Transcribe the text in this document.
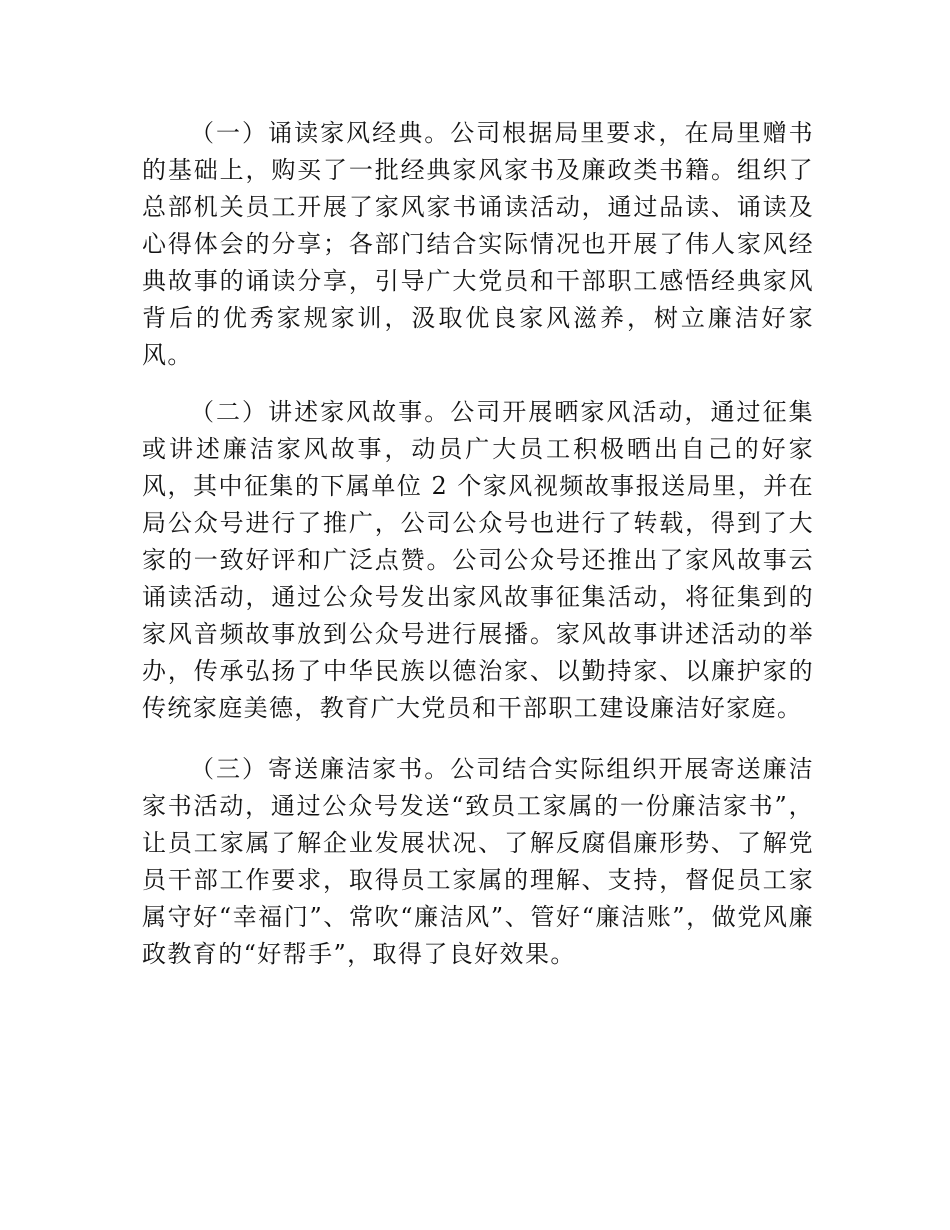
（一）诵读家风经典。公司根据局里要求，在局里赠书的基础上，购买了一批经典家风家书及廉政类书籍。组织了总部机关员工开展了家风家书诵读活动，通过品读、诵读及心得体会的分享；各部门结合实际情况也开展了伟人家风经典故事的诵读分享，引导广大党员和干部职工感悟经典家风背后的优秀家规家训，汲取优良家风滋养，树立廉洁好家风。

（二）讲述家风故事。公司开展晒家风活动，通过征集或讲述廉洁家风故事，动员广大员工积极晒出自己的好家风，其中征集的下属单位 2 个家风视频故事报送局里，并在局公众号进行了推广，公司公众号也进行了转载，得到了大家的一致好评和广泛点赞。公司公众号还推出了家风故事云诵读活动，通过公众号发出家风故事征集活动，将征集到的家风音频故事放到公众号进行展播。家风故事讲述活动的举办，传承弘扬了中华民族以德治家、以勤持家、以廉护家的传统家庭美德，教育广大党员和干部职工建设廉洁好家庭。

（三）寄送廉洁家书。公司结合实际组织开展寄送廉洁家书活动，通过公众号发送“致员工家属的一份廉洁家书”，让员工家属了解企业发展状况、了解反腐倡廉形势、了解党员干部工作要求，取得员工家属的理解、支持，督促员工家属守好“幸福门”、常吹“廉洁风”、管好“廉洁账”，做党风廉政教育的“好帮手”，取得了良好效果。
